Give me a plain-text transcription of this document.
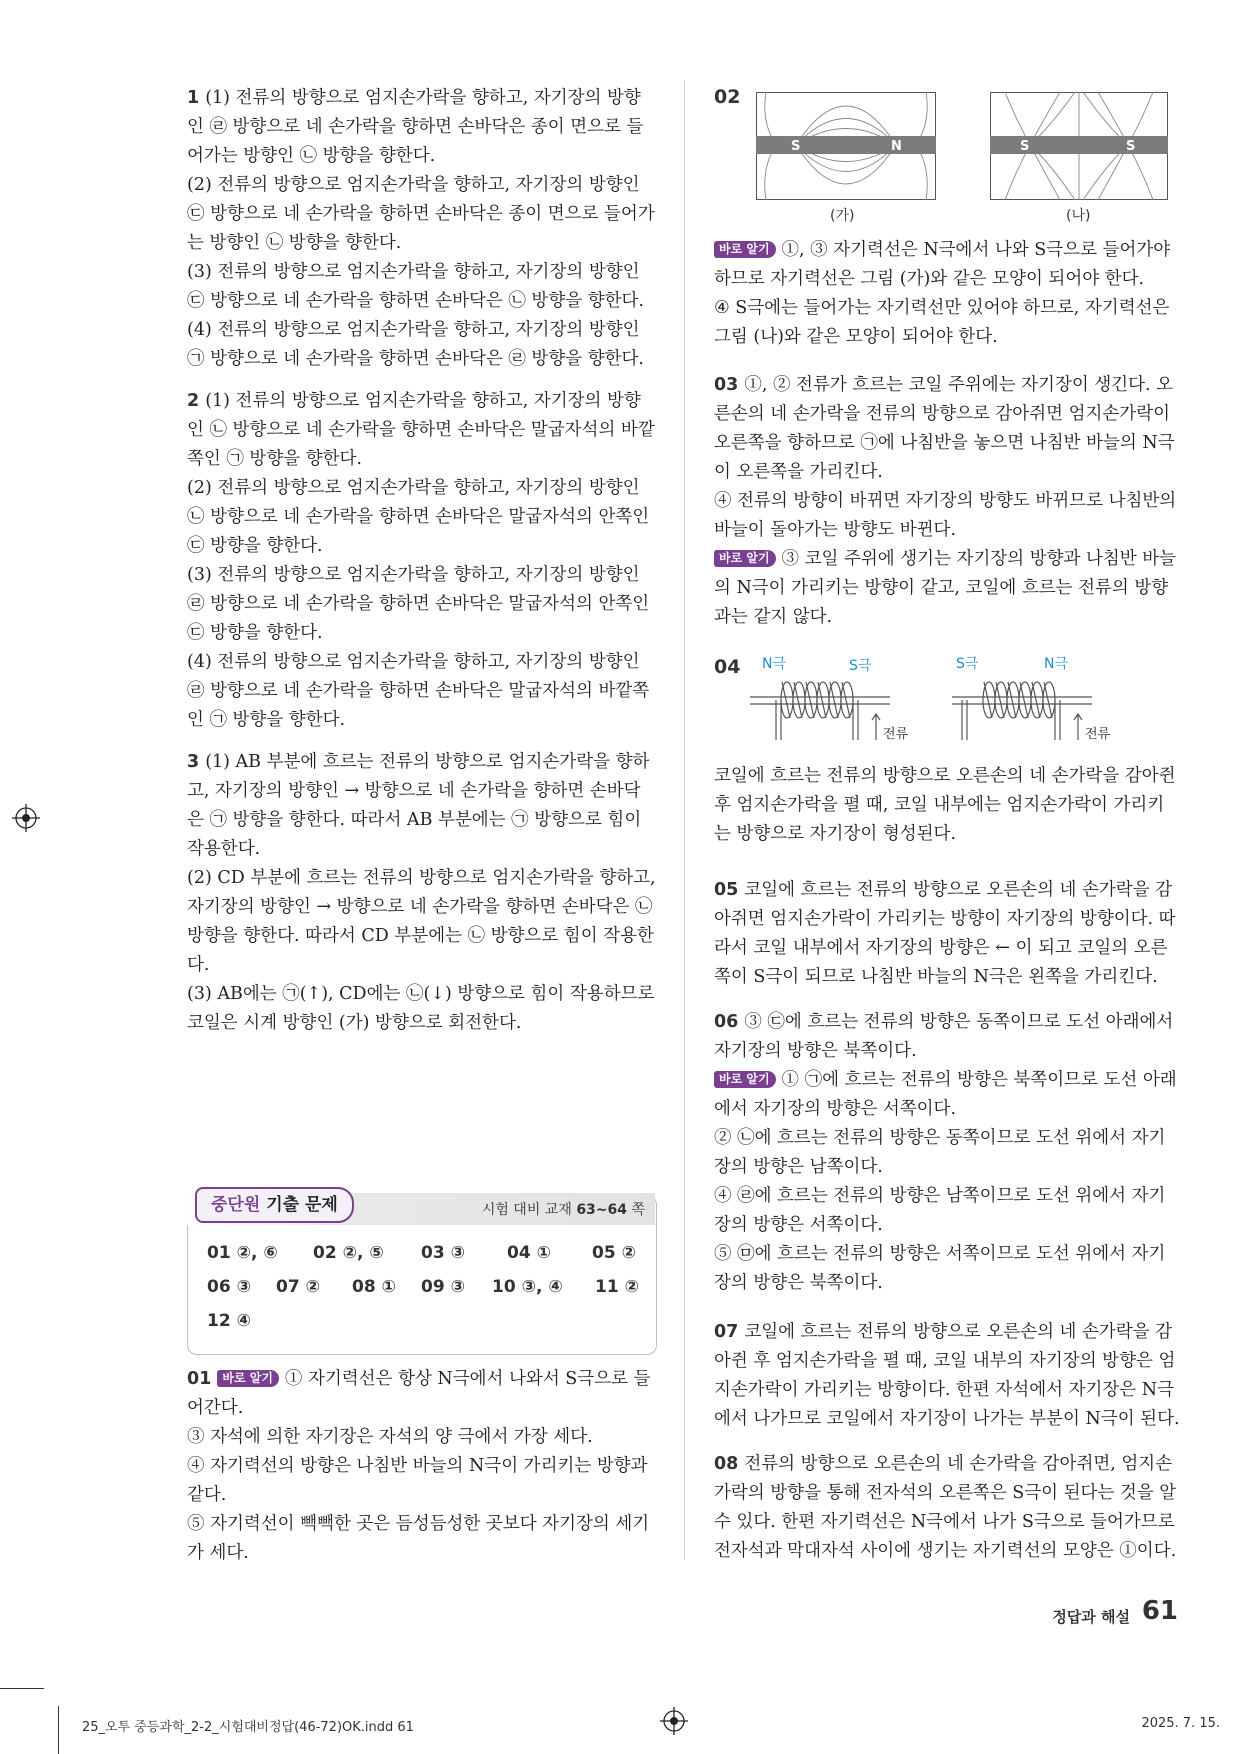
1 (1) 전류의 방향으로 엄지손가락을 향하고, 자기장의 방향인 ㉣ 방향으로 네 손가락을 향하면 손바닥은 종이 면으로 들어가는 방향인 ㉡ 방향을 향한다.

(2) 전류의 방향으로 엄지손가락을 향하고, 자기장의 방향인 ㉢ 방향으로 네 손가락을 향하면 손바닥은 종이 면으로 들어가는 방향인 ㉡ 방향을 향한다.

(3) 전류의 방향으로 엄지손가락을 향하고, 자기장의 방향인 ㉢ 방향으로 네 손가락을 향하면 손바닥은 ㉡ 방향을 향한다.

(4) 전류의 방향으로 엄지손가락을 향하고, 자기장의 방향인 ㉠ 방향으로 네 손가락을 향하면 손바닥은 ㉣ 방향을 향한다.

2 (1) 전류의 방향으로 엄지손가락을 향하고, 자기장의 방향인 ㉡ 방향으로 네 손가락을 향하면 손바닥은 말굽자석의 바깥쪽인 ㉠ 방향을 향한다.

(2) 전류의 방향으로 엄지손가락을 향하고, 자기장의 방향인 ㉡ 방향으로 네 손가락을 향하면 손바닥은 말굽자석의 안쪽인 ㉢ 방향을 향한다.

(3) 전류의 방향으로 엄지손가락을 향하고, 자기장의 방향인 ㉣ 방향으로 네 손가락을 향하면 손바닥은 말굽자석의 안쪽인 ㉢ 방향을 향한다.

(4) 전류의 방향으로 엄지손가락을 향하고, 자기장의 방향인 ㉣ 방향으로 네 손가락을 향하면 손바닥은 말굽자석의 바깥쪽인 ㉠ 방향을 향한다.

3 (1) AB 부분에 흐르는 전류의 방향으로 엄지손가락을 향하고, 자기장의 방향인 → 방향으로 네 손가락을 향하면 손바닥은 ㉠ 방향을 향한다. 따라서 AB 부분에는 ㉠ 방향으로 힘이 작용한다.

(2) CD 부분에 흐르는 전류의 방향으로 엄지손가락을 향하고, 자기장의 방향인 → 방향으로 네 손가락을 향하면 손바닥은 ㉡ 방향을 향한다. 따라서 CD 부분에는 ㉡ 방향으로 힘이 작용한다.

(3) AB에는 ㉠(↑), CD에는 ㉡(↓) 방향으로 힘이 작용하므로 코일은 시계 방향인 (가) 방향으로 회전한다.

중단원 기출 문제	시험 대비 교재 63~64 쪽
01 ②, ⑥ 02 ②, ⑤ 03 ③ 04 ① 05 ②
06 ③ 07 ② 08 ① 09 ③ 10 ③, ④ 11 ②
12 ④

01 바로 알기 ① 자기력선은 항상 N극에서 나와서 S극으로 들어간다.

③ 자석에 의한 자기장은 자석의 양 극에서 가장 세다.

④ 자기력선의 방향은 나침반 바늘의 N극이 가리키는 방향과 같다.

⑤ 자기력선이 빽빽한 곳은 듬성듬성한 곳보다 자기장의 세기가 세다.

02
S	N
(가)
S	S
(나)

바로 알기 ①, ③ 자기력선은 N극에서 나와 S극으로 들어가야 하므로 자기력선은 그림 (가)와 같은 모양이 되어야 한다.

④ S극에는 들어가는 자기력선만 있어야 하므로, 자기력선은 그림 (나)와 같은 모양이 되어야 한다.

03 ①, ② 전류가 흐르는 코일 주위에는 자기장이 생긴다. 오른손의 네 손가락을 전류의 방향으로 감아쥐면 엄지손가락이 오른쪽을 향하므로 ㉠에 나침반을 놓으면 나침반 바늘의 N극이 오른쪽을 가리킨다.

④ 전류의 방향이 바뀌면 자기장의 방향도 바뀌므로 나침반의 바늘이 돌아가는 방향도 바뀐다.

바로 알기 ③ 코일 주위에 생기는 자기장의 방향과 나침반 바늘의 N극이 가리키는 방향이 같고, 코일에 흐르는 전류의 방향과는 같지 않다.

04 N극	S극
전류
S극	N극
전류

코일에 흐르는 전류의 방향으로 오른손의 네 손가락을 감아쥔 후 엄지손가락을 펼 때, 코일 내부에는 엄지손가락이 가리키는 방향으로 자기장이 형성된다.

05 코일에 흐르는 전류의 방향으로 오른손의 네 손가락을 감아쥐면 엄지손가락이 가리키는 방향이 자기장의 방향이다. 따라서 코일 내부에서 자기장의 방향은 ← 이 되고 코일의 오른쪽이 S극이 되므로 나침반 바늘의 N극은 왼쪽을 가리킨다.

06 ③ ㉢에 흐르는 전류의 방향은 동쪽이므로 도선 아래에서 자기장의 방향은 북쪽이다.

바로 알기 ① ㉠에 흐르는 전류의 방향은 북쪽이므로 도선 아래에서 자기장의 방향은 서쪽이다.

② ㉡에 흐르는 전류의 방향은 동쪽이므로 도선 위에서 자기장의 방향은 남쪽이다.

④ ㉣에 흐르는 전류의 방향은 남쪽이므로 도선 위에서 자기장의 방향은 서쪽이다.

⑤ ㉤에 흐르는 전류의 방향은 서쪽이므로 도선 위에서 자기장의 방향은 북쪽이다.

07 코일에 흐르는 전류의 방향으로 오른손의 네 손가락을 감아쥔 후 엄지손가락을 펼 때, 코일 내부의 자기장의 방향은 엄지손가락이 가리키는 방향이다. 한편 자석에서 자기장은 N극에서 나가므로 코일에서 자기장이 나가는 부분이 N극이 된다.

08 전류의 방향으로 오른손의 네 손가락을 감아쥐면, 엄지손가락의 방향을 통해 전자석의 오른쪽은 S극이 된다는 것을 알 수 있다. 한편 자기력선은 N극에서 나가 S극으로 들어가므로 전자석과 막대자석 사이에 생기는 자기력선의 모양은 ①이다.

정답과 해설 61
25_오투 중등과학_2-2_시험대비정답(46-72)OK.indd 61	2025. 7. 15.
